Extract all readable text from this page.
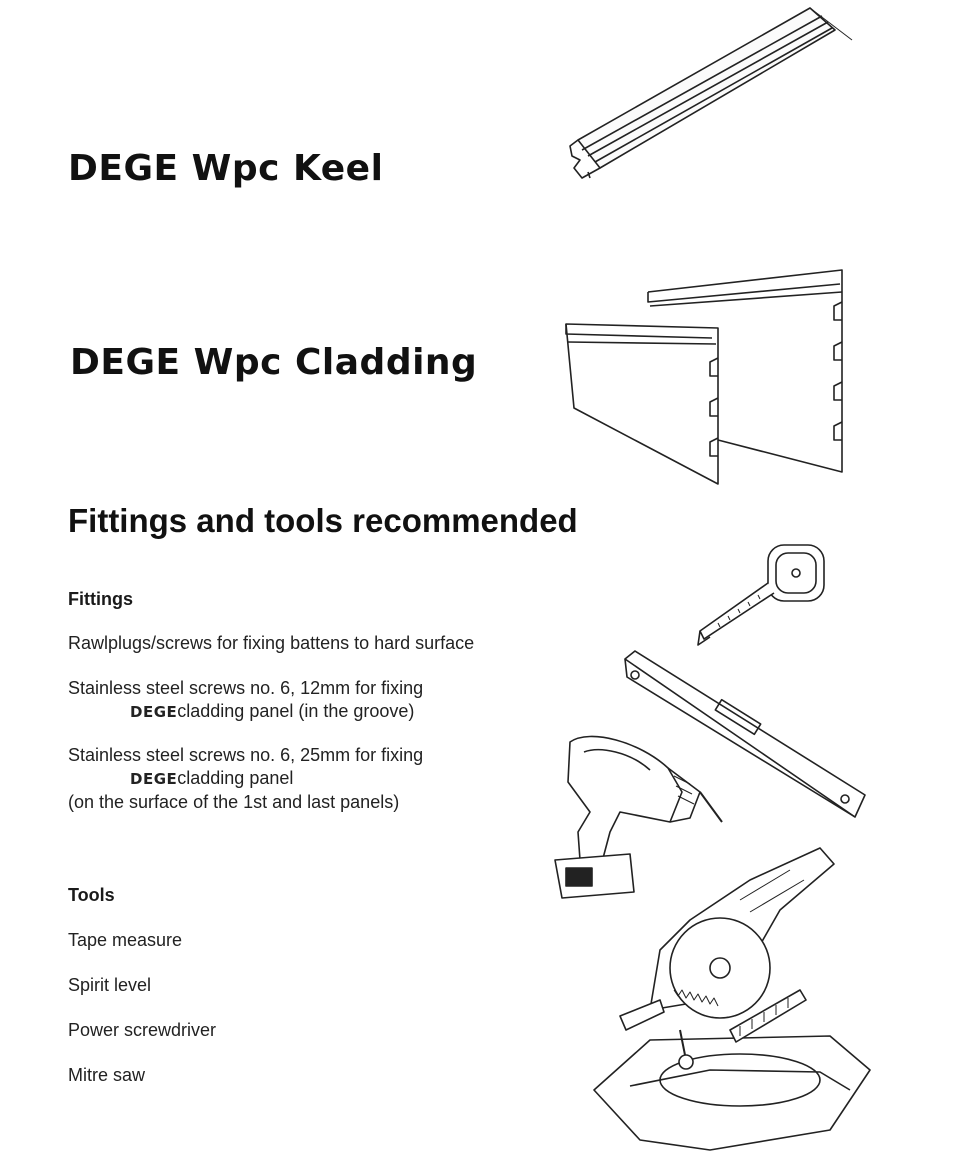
DEGE Wpc Keel
DEGE Wpc Cladding
Fittings and tools recommended
Fittings
Rawlplugs/screws for fixing battens to hard surface
Stainless steel screws no. 6, 12mm for fixing
DEGEcladding panel (in the groove)
Stainless steel screws no. 6, 25mm for fixing
DEGEcladding panel
(on the surface of the 1st and last panels)
Tools
Tape measure
Spirit level
Power screwdriver
Mitre saw
